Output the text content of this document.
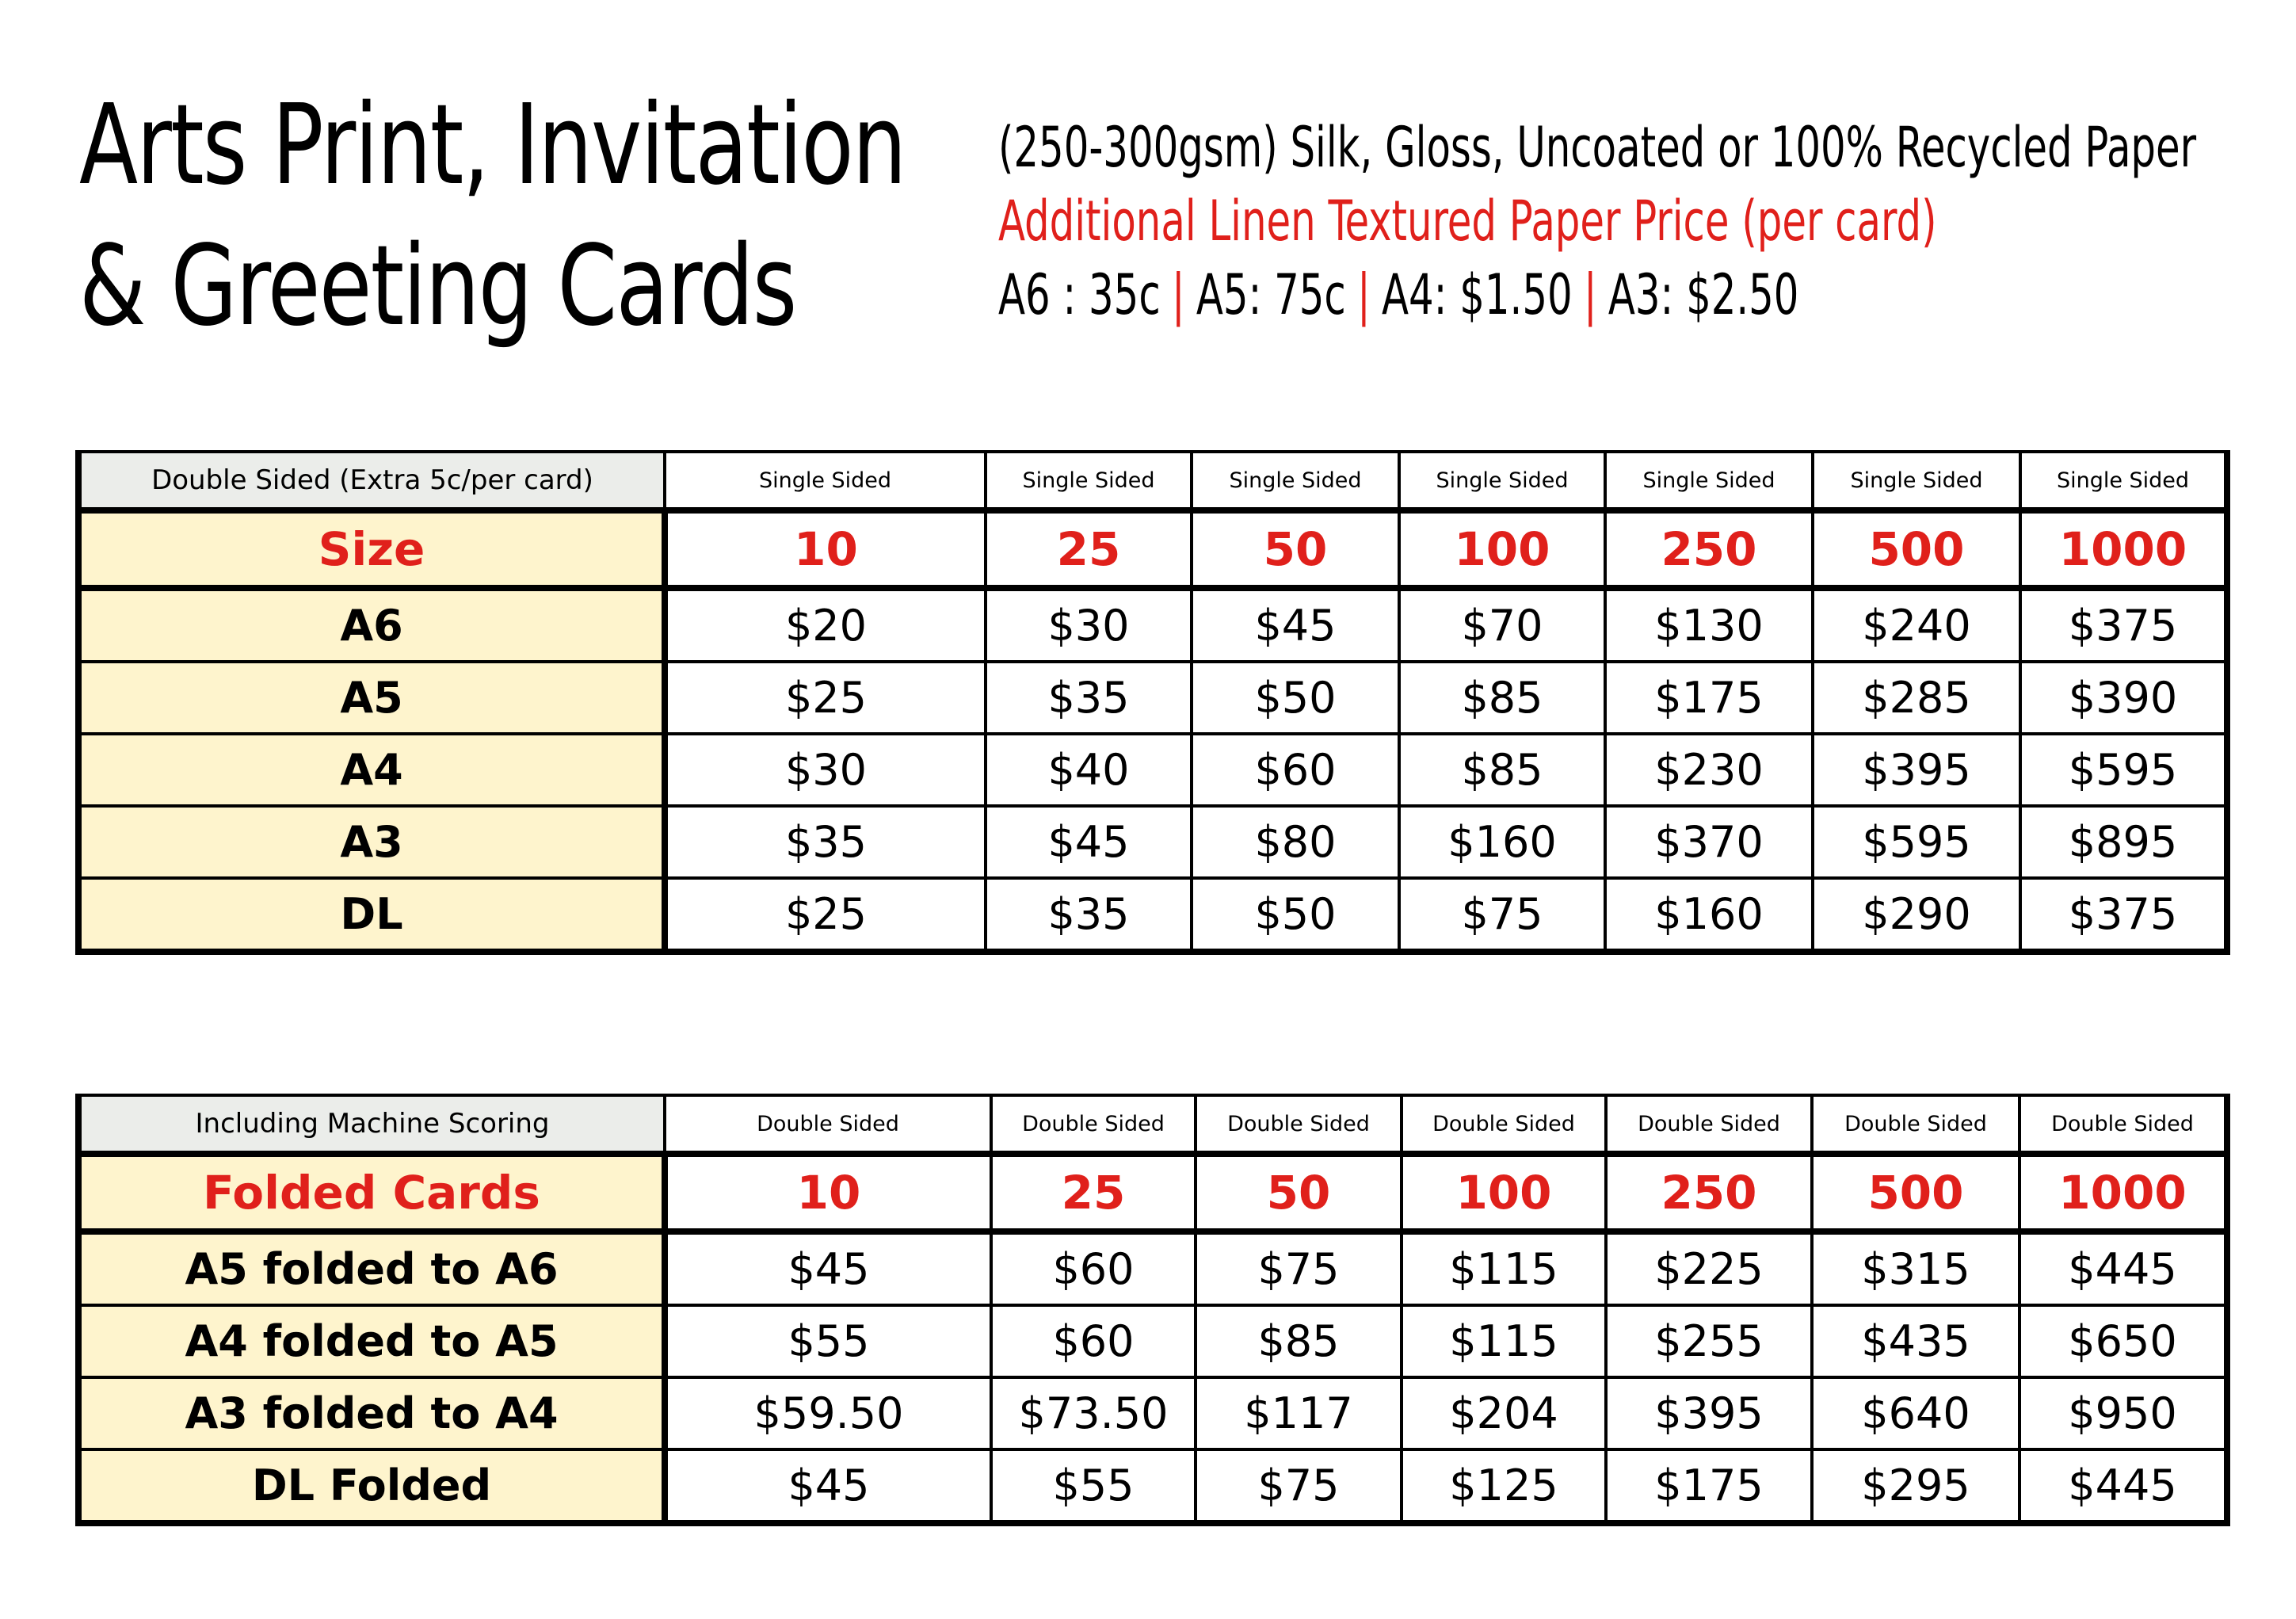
Arts Print, Invitation
& Greeting Cards
(250-300gsm) Silk, Gloss, Uncoated or 100% Recycled Paper
Additional Linen Textured Paper Price (per card)
A6 : 35c | A5: 75c | A4: $1.50 | A3: $2.50
Double Sided (Extra 5c/per card)	Single Sided	Single Sided	Single Sided	Single Sided	Single Sided	Single Sided	Single Sided
Size	10	25	50	100	250	500	1000
A6	$20	$30	$45	$70	$130	$240	$375
A5	$25	$35	$50	$85	$175	$285	$390
A4	$30	$40	$60	$85	$230	$395	$595
A3	$35	$45	$80	$160	$370	$595	$895
DL	$25	$35	$50	$75	$160	$290	$375
Including Machine Scoring	Double Sided	Double Sided	Double Sided	Double Sided	Double Sided	Double Sided	Double Sided
Folded Cards	10	25	50	100	250	500	1000
A5 folded to A6	$45	$60	$75	$115	$225	$315	$445
A4 folded to A5	$55	$60	$85	$115	$255	$435	$650
A3 folded to A4	$59.50	$73.50	$117	$204	$395	$640	$950
DL Folded	$45	$55	$75	$125	$175	$295	$445
